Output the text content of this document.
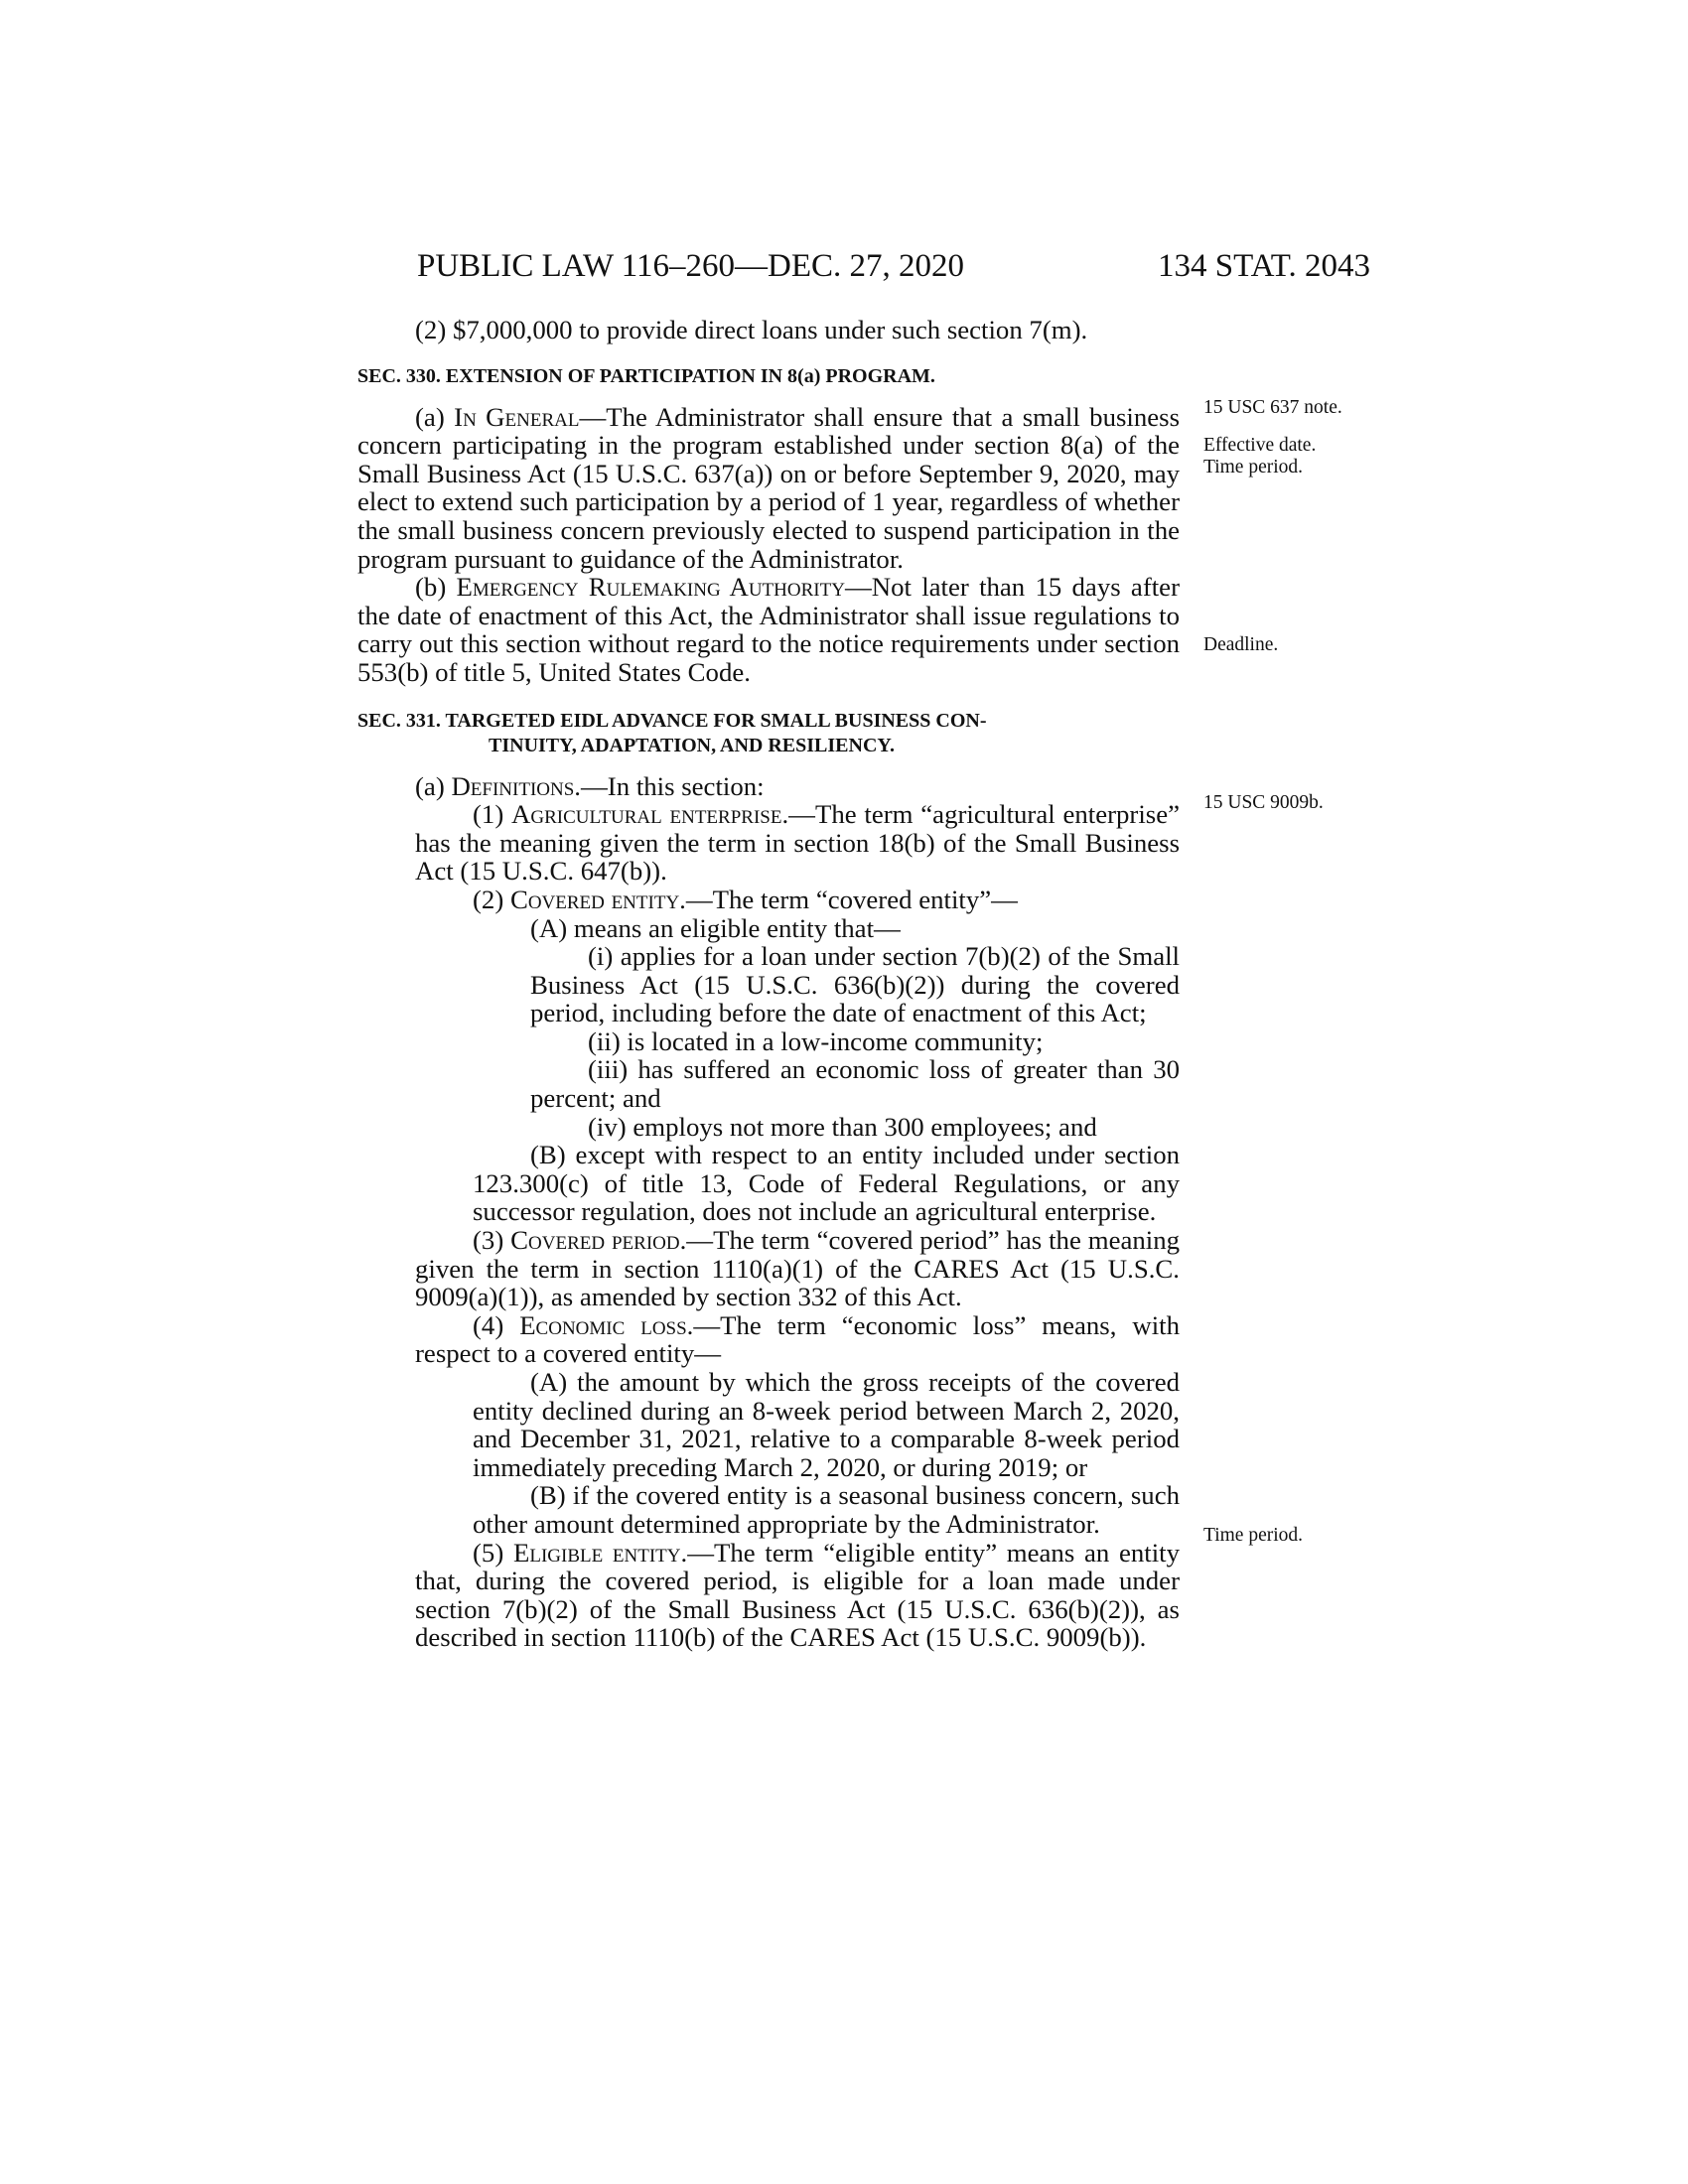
PUBLIC LAW 116–260—DEC. 27, 2020	134 STAT. 2043

(2) $7,000,000 to provide direct loans under such section 7(m).

SEC. 330. EXTENSION OF PARTICIPATION IN 8(a) PROGRAM.

(a) In General—The Administrator shall ensure that a small business concern participating in the program established under section 8(a) of the Small Business Act (15 U.S.C. 637(a)) on or before September 9, 2020, may elect to extend such participation by a period of 1 year, regardless of whether the small business concern previously elected to suspend participation in the program pursuant to guidance of the Administrator.

(b) Emergency Rulemaking Authority—Not later than 15 days after the date of enactment of this Act, the Administrator shall issue regulations to carry out this section without regard to the notice requirements under section 553(b) of title 5, United States Code.

SEC. 331. TARGETED EIDL ADVANCE FOR SMALL BUSINESS CON-

TINUITY, ADAPTATION, AND RESILIENCY.

(a) Definitions.—In this section:

(1) Agricultural enterprise.—The term “agricultural enterprise” has the meaning given the term in section 18(b) of the Small Business Act (15 U.S.C. 647(b)).

(2) Covered entity.—The term “covered entity”—

(A) means an eligible entity that—

(i) applies for a loan under section 7(b)(2) of the Small Business Act (15 U.S.C. 636(b)(2)) during the covered period, including before the date of enactment of this Act;

(ii) is located in a low-income community;

(iii) has suffered an economic loss of greater than 30 percent; and

(iv) employs not more than 300 employees; and

(B) except with respect to an entity included under section 123.300(c) of title 13, Code of Federal Regulations, or any successor regulation, does not include an agricultural enterprise.

(3) Covered period.—The term “covered period” has the meaning given the term in section 1110(a)(1) of the CARES Act (15 U.S.C. 9009(a)(1)), as amended by section 332 of this Act.

(4) Economic loss.—The term “economic loss” means, with respect to a covered entity—

(A) the amount by which the gross receipts of the covered entity declined during an 8-week period between March 2, 2020, and December 31, 2021, relative to a comparable 8-week period immediately preceding March 2, 2020, or during 2019; or

(B) if the covered entity is a seasonal business concern, such other amount determined appropriate by the Administrator.

(5) Eligible entity.—The term “eligible entity” means an entity that, during the covered period, is eligible for a loan made under section 7(b)(2) of the Small Business Act (15 U.S.C. 636(b)(2)), as described in section 1110(b) of the CARES Act (15 U.S.C. 9009(b)).

15 USC 637 note.
Effective date.
Time period.
Deadline.
15 USC 9009b.
Time period.
